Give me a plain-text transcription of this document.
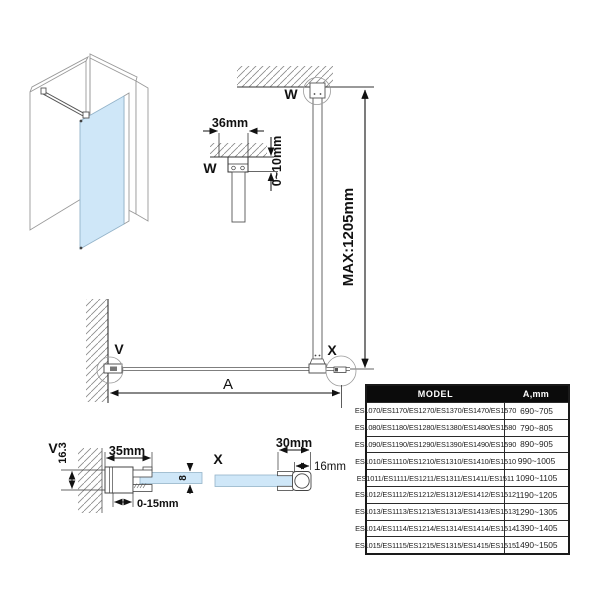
36mm
0~10mm
W
W
MAX:1205mm
V	X
A
V 16.3	35mm
8
0-15mm
X
30mm
16mm
MODEL	A,mm
ES1070/ES1170/ES1270/ES1370/ES1470/ES1570 690~705
ES1080/ES1180/ES1280/ES1380/ES1480/ES1580 790~805
ES1090/ES1190/ES1290/ES1390/ES1490/ES1590 890~905
ES1010/ES1110/ES1210/ES1310/ES1410/ES1510 990~1005
ES1011/ES1111/ES1211/ES1311/ES1411/ES1511 1090~1105
ES1012/ES1112/ES1212/ES1312/ES1412/ES1512 1190~1205
ES1013/ES1113/ES1213/ES1313/ES1413/ES1513 1290~1305
ES1014/ES1114/ES1214/ES1314/ES1414/ES1514 1390~1405
ES1015/ES1115/ES1215/ES1315/ES1415/ES1515 1490~1505
